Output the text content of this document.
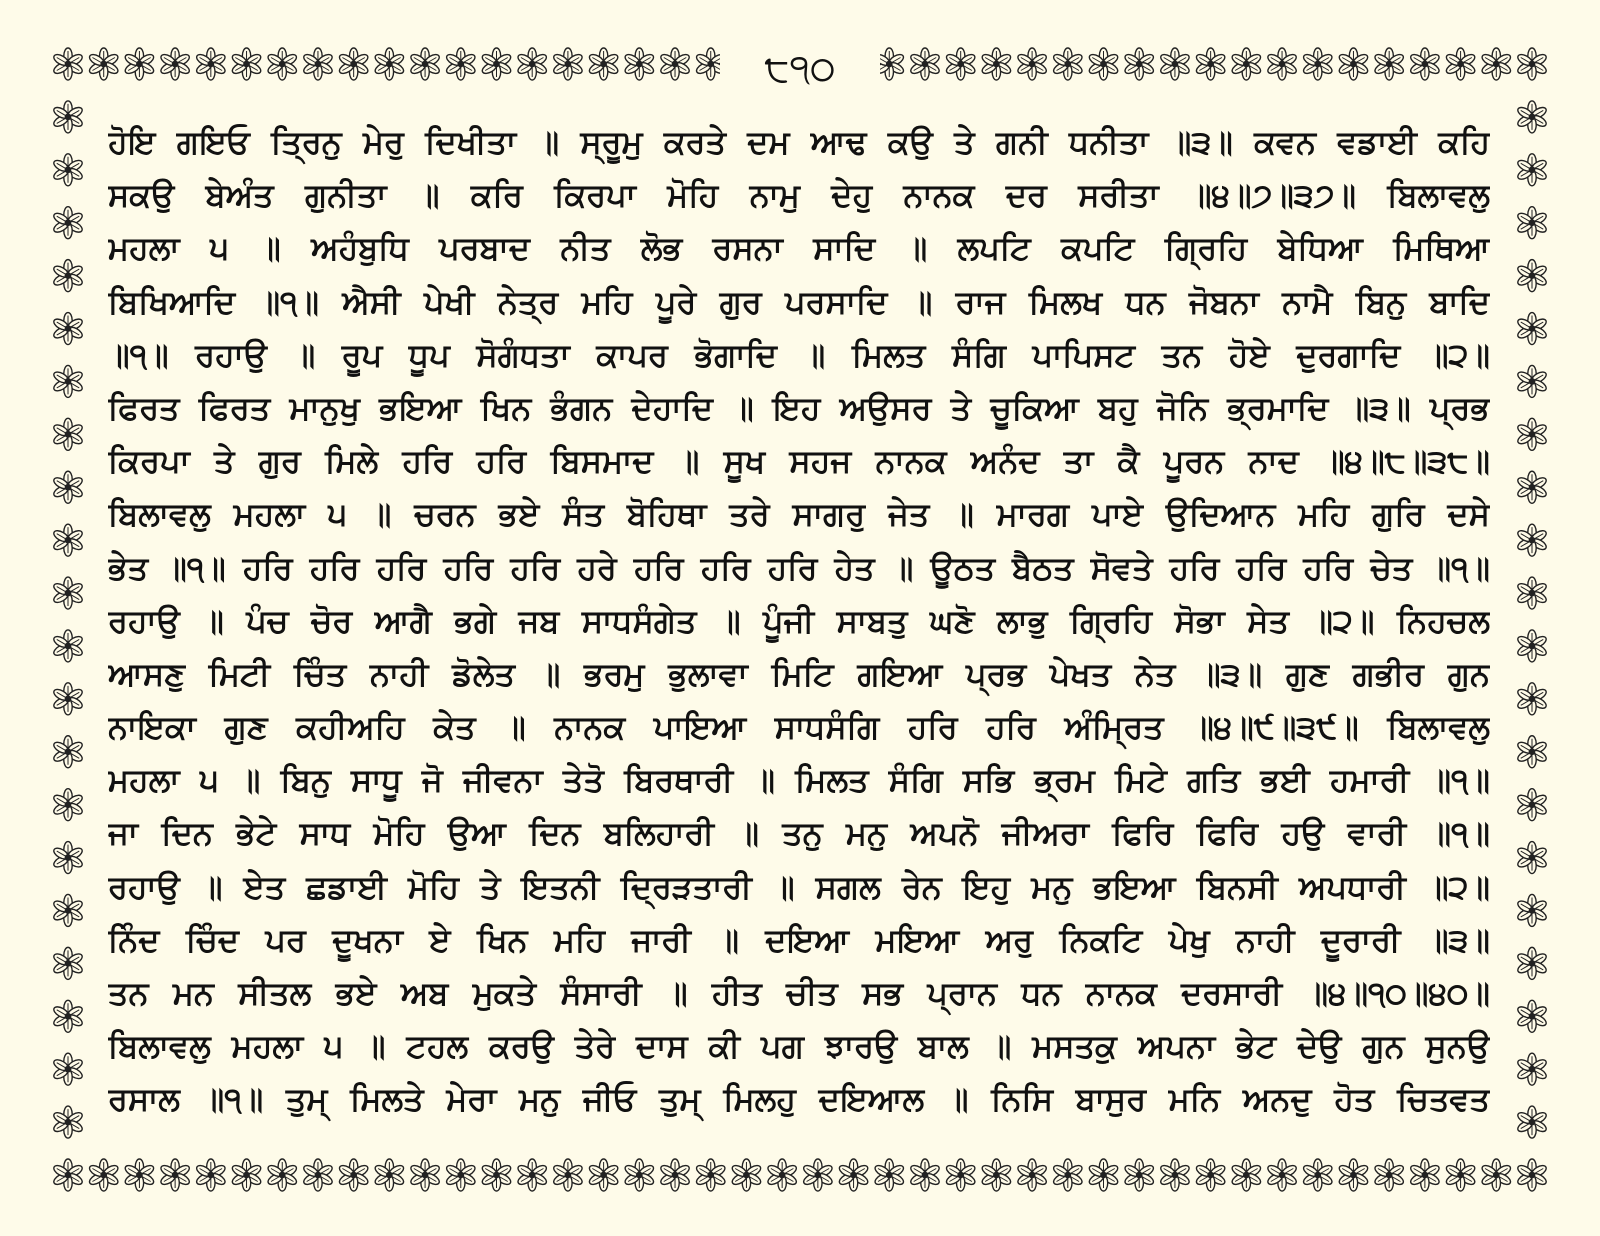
੮੧੦
ਹੋਇ ਗਇਓ ਤ੍ਰਿਨੁ ਮੇਰੁ ਦਿਖੀਤਾ ॥ ਸ੍ਰੂਮੁ ਕਰਤੇ ਦਮ ਆਢ ਕਉ ਤੇ ਗਨੀ ਧਨੀਤਾ ॥੩॥ ਕਵਨ ਵਡਾਈ ਕਹਿ
ਸਕਉ ਬੇਅੰਤ ਗੁਨੀਤਾ ॥ ਕਰਿ ਕਿਰਪਾ ਮੋਹਿ ਨਾਮੁ ਦੇਹੁ ਨਾਨਕ ਦਰ ਸਰੀਤਾ ॥੪॥੭॥੩੭॥ ਬਿਲਾਵਲੁ
ਮਹਲਾ ੫ ॥ ਅਹੰਬੁਧਿ ਪਰਬਾਦ ਨੀਤ ਲੋਭ ਰਸਨਾ ਸਾਦਿ ॥ ਲਪਟਿ ਕਪਟਿ ਗ੍ਰਿਹਿ ਬੇਧਿਆ ਮਿਥਿਆ
ਬਿਖਿਆਦਿ ॥੧॥ ਐਸੀ ਪੇਖੀ ਨੇਤ੍ਰ ਮਹਿ ਪੂਰੇ ਗੁਰ ਪਰਸਾਦਿ ॥ ਰਾਜ ਮਿਲਖ ਧਨ ਜੋਬਨਾ ਨਾਮੈ ਬਿਨੁ ਬਾਦਿ
॥੧॥ ਰਹਾਉ ॥ ਰੂਪ ਧੂਪ ਸੋਗੰਧਤਾ ਕਾਪਰ ਭੋਗਾਦਿ ॥ ਮਿਲਤ ਸੰਗਿ ਪਾਪਿਸਟ ਤਨ ਹੋਏ ਦੁਰਗਾਦਿ ॥੨॥
ਫਿਰਤ ਫਿਰਤ ਮਾਨੁਖੁ ਭਇਆ ਖਿਨ ਭੰਗਨ ਦੇਹਾਦਿ ॥ ਇਹ ਅਉਸਰ ਤੇ ਚੂਕਿਆ ਬਹੁ ਜੋਨਿ ਭ੍ਰਮਾਦਿ ॥੩॥ ਪ੍ਰਭ
ਕਿਰਪਾ ਤੇ ਗੁਰ ਮਿਲੇ ਹਰਿ ਹਰਿ ਬਿਸਮਾਦ ॥ ਸੂਖ ਸਹਜ ਨਾਨਕ ਅਨੰਦ ਤਾ ਕੈ ਪੂਰਨ ਨਾਦ ॥੪॥੮॥੩੮॥
ਬਿਲਾਵਲੁ ਮਹਲਾ ੫ ॥ ਚਰਨ ਭਏ ਸੰਤ ਬੋਹਿਥਾ ਤਰੇ ਸਾਗਰੁ ਜੇਤ ॥ ਮਾਰਗ ਪਾਏ ਉਦਿਆਨ ਮਹਿ ਗੁਰਿ ਦਸੇ
ਭੇਤ ॥੧॥ ਹਰਿ ਹਰਿ ਹਰਿ ਹਰਿ ਹਰਿ ਹਰੇ ਹਰਿ ਹਰਿ ਹਰਿ ਹੇਤ ॥ ਊਠਤ ਬੈਠਤ ਸੋਵਤੇ ਹਰਿ ਹਰਿ ਹਰਿ ਚੇਤ ॥੧॥
ਰਹਾਉ ॥ ਪੰਚ ਚੋਰ ਆਗੈ ਭਗੇ ਜਬ ਸਾਧਸੰਗੇਤ ॥ ਪੂੰਜੀ ਸਾਬਤੁ ਘਣੋ ਲਾਭੁ ਗ੍ਰਿਹਿ ਸੋਭਾ ਸੇਤ ॥੨॥ ਨਿਹਚਲ
ਆਸਣੁ ਮਿਟੀ ਚਿੰਤ ਨਾਹੀ ਡੋਲੇਤ ॥ ਭਰਮੁ ਭੁਲਾਵਾ ਮਿਟਿ ਗਇਆ ਪ੍ਰਭ ਪੇਖਤ ਨੇਤ ॥੩॥ ਗੁਣ ਗਭੀਰ ਗੁਨ
ਨਾਇਕਾ ਗੁਣ ਕਹੀਅਹਿ ਕੇਤ ॥ ਨਾਨਕ ਪਾਇਆ ਸਾਧਸੰਗਿ ਹਰਿ ਹਰਿ ਅੰਮ੍ਰਿਤ ॥੪॥੯॥੩੯॥ ਬਿਲਾਵਲੁ
ਮਹਲਾ ੫ ॥ ਬਿਨੁ ਸਾਧੂ ਜੋ ਜੀਵਨਾ ਤੇਤੋ ਬਿਰਥਾਰੀ ॥ ਮਿਲਤ ਸੰਗਿ ਸਭਿ ਭ੍ਰਮ ਮਿਟੇ ਗਤਿ ਭਈ ਹਮਾਰੀ ॥੧॥
ਜਾ ਦਿਨ ਭੇਟੇ ਸਾਧ ਮੋਹਿ ਉਆ ਦਿਨ ਬਲਿਹਾਰੀ ॥ ਤਨੁ ਮਨੁ ਅਪਨੋ ਜੀਅਰਾ ਫਿਰਿ ਫਿਰਿ ਹਉ ਵਾਰੀ ॥੧॥
ਰਹਾਉ ॥ ਏਤ ਛਡਾਈ ਮੋਹਿ ਤੇ ਇਤਨੀ ਦ੍ਰਿੜਤਾਰੀ ॥ ਸਗਲ ਰੇਨ ਇਹੁ ਮਨੁ ਭਇਆ ਬਿਨਸੀ ਅਪਧਾਰੀ ॥੨॥
ਨਿੰਦ ਚਿੰਦ ਪਰ ਦੂਖਨਾ ਏ ਖਿਨ ਮਹਿ ਜਾਰੀ ॥ ਦਇਆ ਮਇਆ ਅਰੁ ਨਿਕਟਿ ਪੇਖੁ ਨਾਹੀ ਦੂਰਾਰੀ ॥੩॥
ਤਨ ਮਨ ਸੀਤਲ ਭਏ ਅਬ ਮੁਕਤੇ ਸੰਸਾਰੀ ॥ ਹੀਤ ਚੀਤ ਸਭ ਪ੍ਰਾਨ ਧਨ ਨਾਨਕ ਦਰਸਾਰੀ ॥੪॥੧੦॥੪੦॥
ਬਿਲਾਵਲੁ ਮਹਲਾ ੫ ॥ ਟਹਲ ਕਰਉ ਤੇਰੇ ਦਾਸ ਕੀ ਪਗ ਝਾਰਉ ਬਾਲ ॥ ਮਸਤਕੁ ਅਪਨਾ ਭੇਟ ਦੇਉ ਗੁਨ ਸੁਨਉ
ਰਸਾਲ ॥੧॥ ਤੁਮ੍ ਮਿਲਤੇ ਮੇਰਾ ਮਨੁ ਜੀਓ ਤੁਮ੍ ਮਿਲਹੁ ਦਇਆਲ ॥ ਨਿਸਿ ਬਾਸੁਰ ਮਨਿ ਅਨਦੁ ਹੋਤ ਚਿਤਵਤ
